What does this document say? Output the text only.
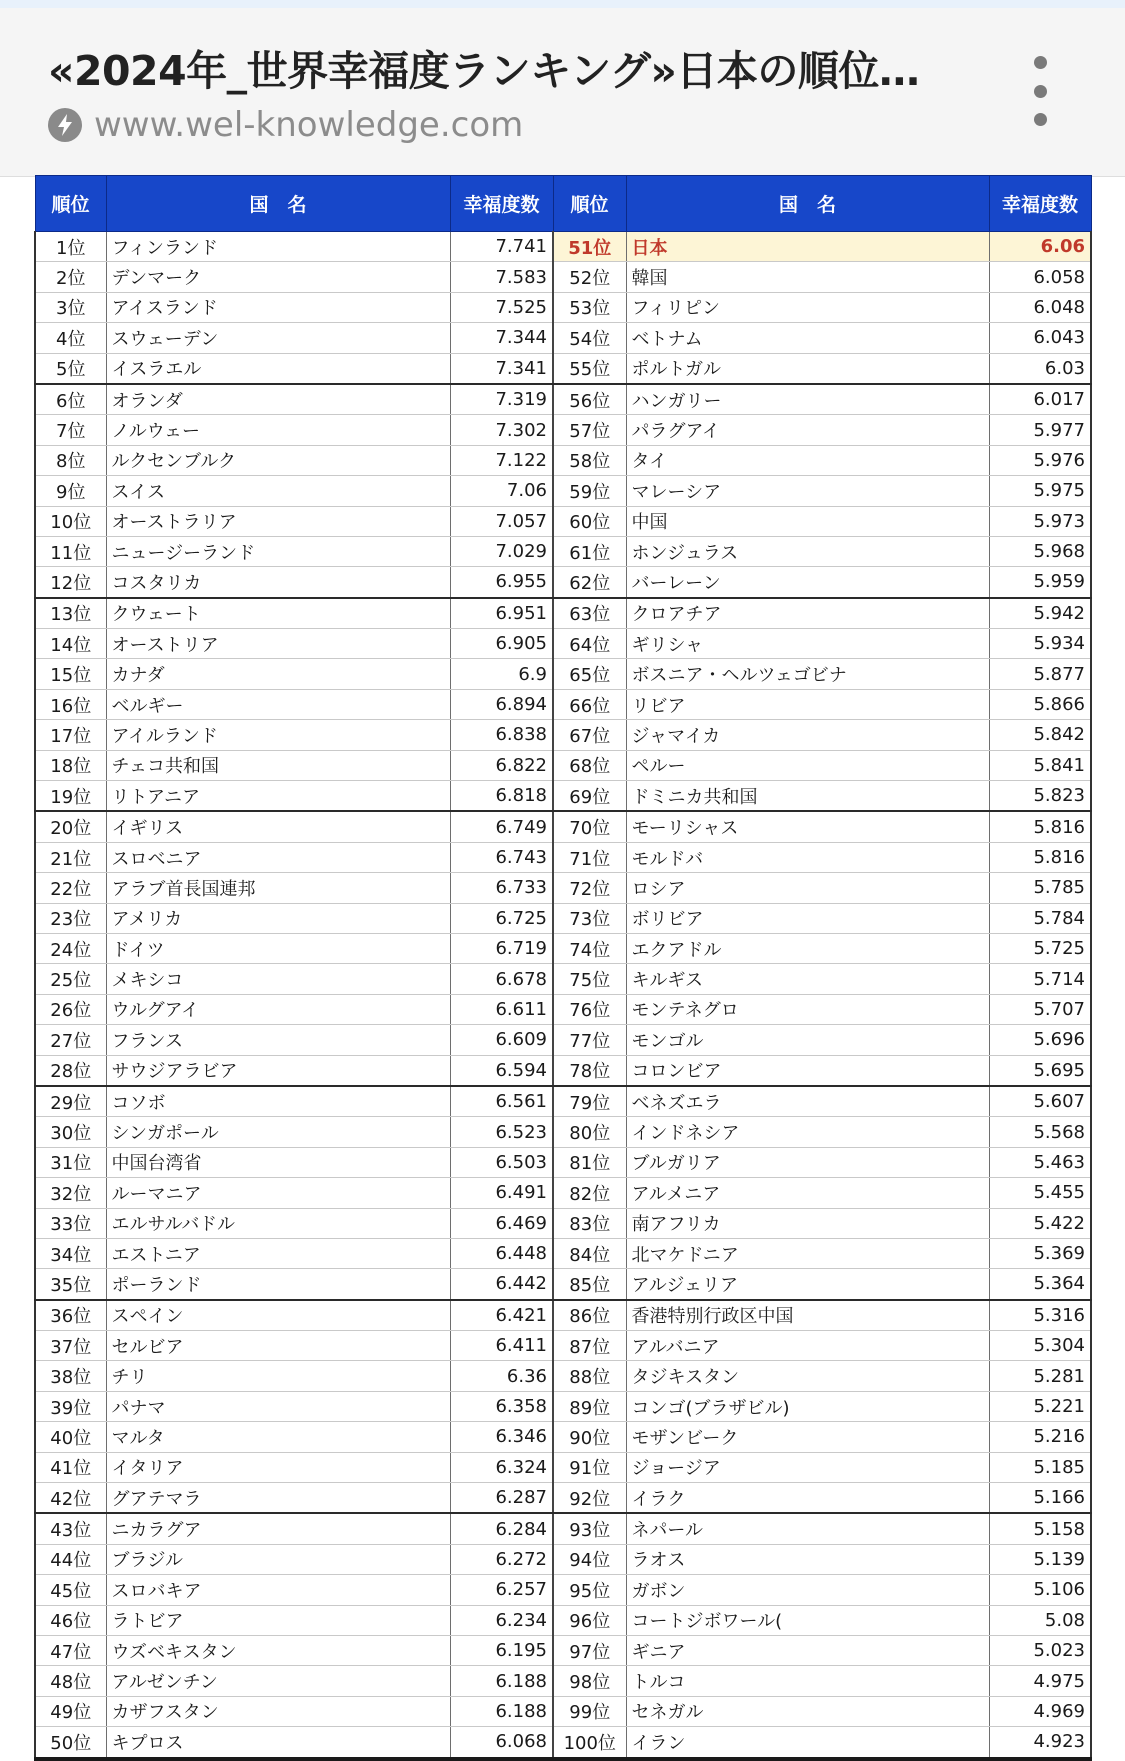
«2024年_世界幸福度ランキング»日本の順位…
www.wel-knowledge.com
順位	国　名	幸福度数	順位	国　名	幸福度数
1位	フィンランド	7.741	51位	日本	6.06
2位	デンマーク	7.583	52位	韓国	6.058
3位	アイスランド	7.525	53位	フィリピン	6.048
4位	スウェーデン	7.344	54位	ベトナム	6.043
5位	イスラエル	7.341	55位	ポルトガル	6.03
6位	オランダ	7.319	56位	ハンガリー	6.017
7位	ノルウェー	7.302	57位	パラグアイ	5.977
8位	ルクセンブルク	7.122	58位	タイ	5.976
9位	スイス	7.06	59位	マレーシア	5.975
10位	オーストラリア	7.057	60位	中国	5.973
11位	ニュージーランド	7.029	61位	ホンジュラス	5.968
12位	コスタリカ	6.955	62位	バーレーン	5.959
13位	クウェート	6.951	63位	クロアチア	5.942
14位	オーストリア	6.905	64位	ギリシャ	5.934
15位	カナダ	6.9	65位	ボスニア・ヘルツェゴビナ	5.877
16位	ベルギー	6.894	66位	リビア	5.866
17位	アイルランド	6.838	67位	ジャマイカ	5.842
18位	チェコ共和国	6.822	68位	ペルー	5.841
19位	リトアニア	6.818	69位	ドミニカ共和国	5.823
20位	イギリス	6.749	70位	モーリシャス	5.816
21位	スロベニア	6.743	71位	モルドバ	5.816
22位	アラブ首長国連邦	6.733	72位	ロシア	5.785
23位	アメリカ	6.725	73位	ボリビア	5.784
24位	ドイツ	6.719	74位	エクアドル	5.725
25位	メキシコ	6.678	75位	キルギス	5.714
26位	ウルグアイ	6.611	76位	モンテネグロ	5.707
27位	フランス	6.609	77位	モンゴル	5.696
28位	サウジアラビア	6.594	78位	コロンビア	5.695
29位	コソボ	6.561	79位	ベネズエラ	5.607
30位	シンガポール	6.523	80位	インドネシア	5.568
31位	中国台湾省	6.503	81位	ブルガリア	5.463
32位	ルーマニア	6.491	82位	アルメニア	5.455
33位	エルサルバドル	6.469	83位	南アフリカ	5.422
34位	エストニア	6.448	84位	北マケドニア	5.369
35位	ポーランド	6.442	85位	アルジェリア	5.364
36位	スペイン	6.421	86位	香港特別行政区中国	5.316
37位	セルビア	6.411	87位	アルバニア	5.304
38位	チリ	6.36	88位	タジキスタン	5.281
39位	パナマ	6.358	89位	コンゴ(ブラザビル)	5.221
40位	マルタ	6.346	90位	モザンビーク	5.216
41位	イタリア	6.324	91位	ジョージア	5.185
42位	グアテマラ	6.287	92位	イラク	5.166
43位	ニカラグア	6.284	93位	ネパール	5.158
44位	ブラジル	6.272	94位	ラオス	5.139
45位	スロバキア	6.257	95位	ガボン	5.106
46位	ラトビア	6.234	96位	コートジボワール(	5.08
47位	ウズベキスタン	6.195	97位	ギニア	5.023
48位	アルゼンチン	6.188	98位	トルコ	4.975
49位	カザフスタン	6.188	99位	セネガル	4.969
50位	キプロス	6.068	100位	イラン	4.923
